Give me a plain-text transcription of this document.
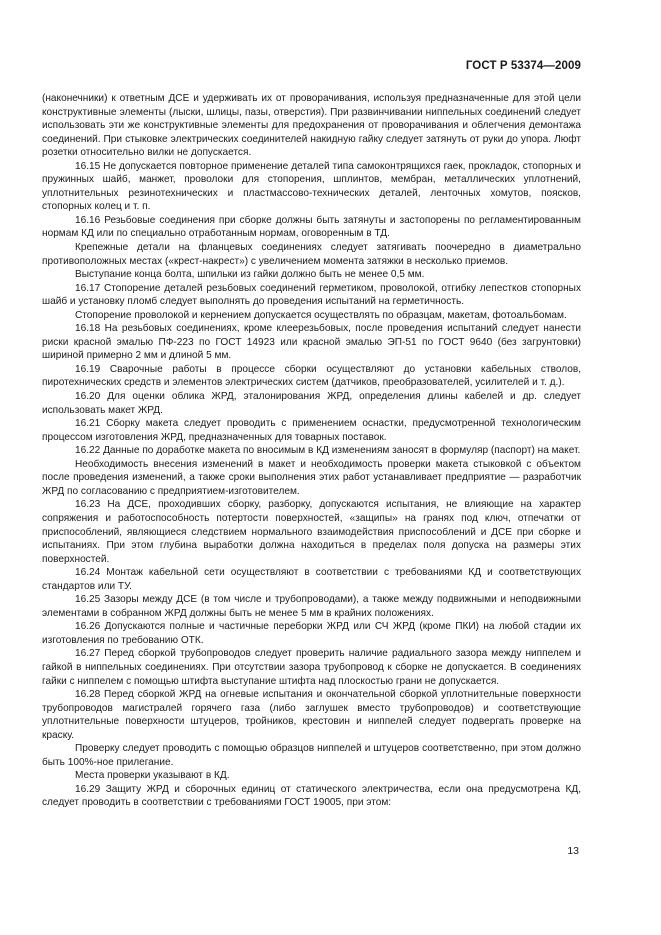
ГОСТ Р 53374—2009

(наконечники) к ответным ДСЕ и удерживать их от проворачивания, используя предназначенные для этой цели конструктивные элементы (лыски, шлицы, пазы, отверстия). При развинчивании ниппельных соединений следует использовать эти же конструктивные элементы для предохранения от проворачивания и облегчения демонтажа соединений. При стыковке электрических соединителей накидную гайку следует затянуть от руки до упора. Люфт розетки относительно вилки не допускается.

16.15 Не допускается повторное применение деталей типа самоконтрящихся гаек, прокладок, стопорных и пружинных шайб, манжет, проволоки для стопорения, шплинтов, мембран, металлических уплотнений, уплотнительных резинотехнических и пластмассово-технических деталей, ленточных хомутов, поясков, стопорных колец и т. п.

16.16 Резьбовые соединения при сборке должны быть затянуты и застопорены по регламентированным нормам КД или по специально отработанным нормам, оговоренным в ТД.

Крепежные детали на фланцевых соединениях следует затягивать поочередно в диаметрально противоположных местах («крест-накрест») с увеличением момента затяжки в несколько приемов.

Выступание конца болта, шпильки из гайки должно быть не менее 0,5 мм.

16.17 Стопорение деталей резьбовых соединений герметиком, проволокой, отгибку лепестков стопорных шайб и установку пломб следует выполнять до проведения испытаний на герметичность.

Стопорение проволокой и кернением допускается осуществлять по образцам, макетам, фотоальбомам.

16.18 На резьбовых соединениях, кроме клеерезьбовых, после проведения испытаний следует нанести риски красной эмалью ПФ-223 по ГОСТ 14923 или красной эмалью ЭП-51 по ГОСТ 9640 (без загрунтовки) шириной примерно 2 мм и длиной 5 мм.

16.19 Сварочные работы в процессе сборки осуществляют до установки кабельных стволов, пиротехнических средств и элементов электрических систем (датчиков, преобразователей, усилителей и т. д.).

16.20 Для оценки облика ЖРД, эталонирования ЖРД, определения длины кабелей и др. следует использовать макет ЖРД.

16.21 Сборку макета следует проводить с применением оснастки, предусмотренной технологическим процессом изготовления ЖРД, предназначенных для товарных поставок.

16.22 Данные по доработке макета по вносимым в КД изменениям заносят в формуляр (паспорт) на макет.

Необходимость внесения изменений в макет и необходимость проверки макета стыковкой с объектом после проведения изменений, а также сроки выполнения этих работ устанавливает предприятие — разработчик ЖРД по согласованию с предприятием-изготовителем.

16.23 На ДСЕ, проходивших сборку, разборку, допускаются испытания, не влияющие на характер сопряжения и работоспособность потертости поверхностей, «защипы» на гранях под ключ, отпечатки от приспособлений, являющиеся следствием нормального взаимодействия приспособлений и ДСЕ при сборке и испытаниях. При этом глубина выработки должна находиться в пределах поля допуска на размеры этих поверхностей.

16.24 Монтаж кабельной сети осуществляют в соответствии с требованиями КД и соответствующих стандартов или ТУ.

16.25 Зазоры между ДСЕ (в том числе и трубопроводами), а также между подвижными и неподвижными элементами в собранном ЖРД должны быть не менее 5 мм в крайних положениях.

16.26 Допускаются полные и частичные переборки ЖРД или СЧ ЖРД (кроме ПКИ) на любой стадии их изготовления по требованию ОТК.

16.27 Перед сборкой трубопроводов следует проверить наличие радиального зазора между ниппелем и гайкой в ниппельных соединениях. При отсутствии зазора трубопровод к сборке не допускается. В соединениях гайки с ниппелем с помощью штифта выступание штифта над плоскостью грани не допускается.

16.28 Перед сборкой ЖРД на огневые испытания и окончательной сборкой уплотнительные поверхности трубопроводов магистралей горячего газа (либо заглушек вместо трубопроводов) и соответствующие уплотнительные поверхности штуцеров, тройников, крестовин и ниппелей следует подвергать проверке на краску.

Проверку следует проводить с помощью образцов ниппелей и штуцеров соответственно, при этом должно быть 100%-ное прилегание.

Места проверки указывают в КД.

16.29 Защиту ЖРД и сборочных единиц от статического электричества, если она предусмотрена КД, следует проводить в соответствии с требованиями ГОСТ 19005, при этом:

13
